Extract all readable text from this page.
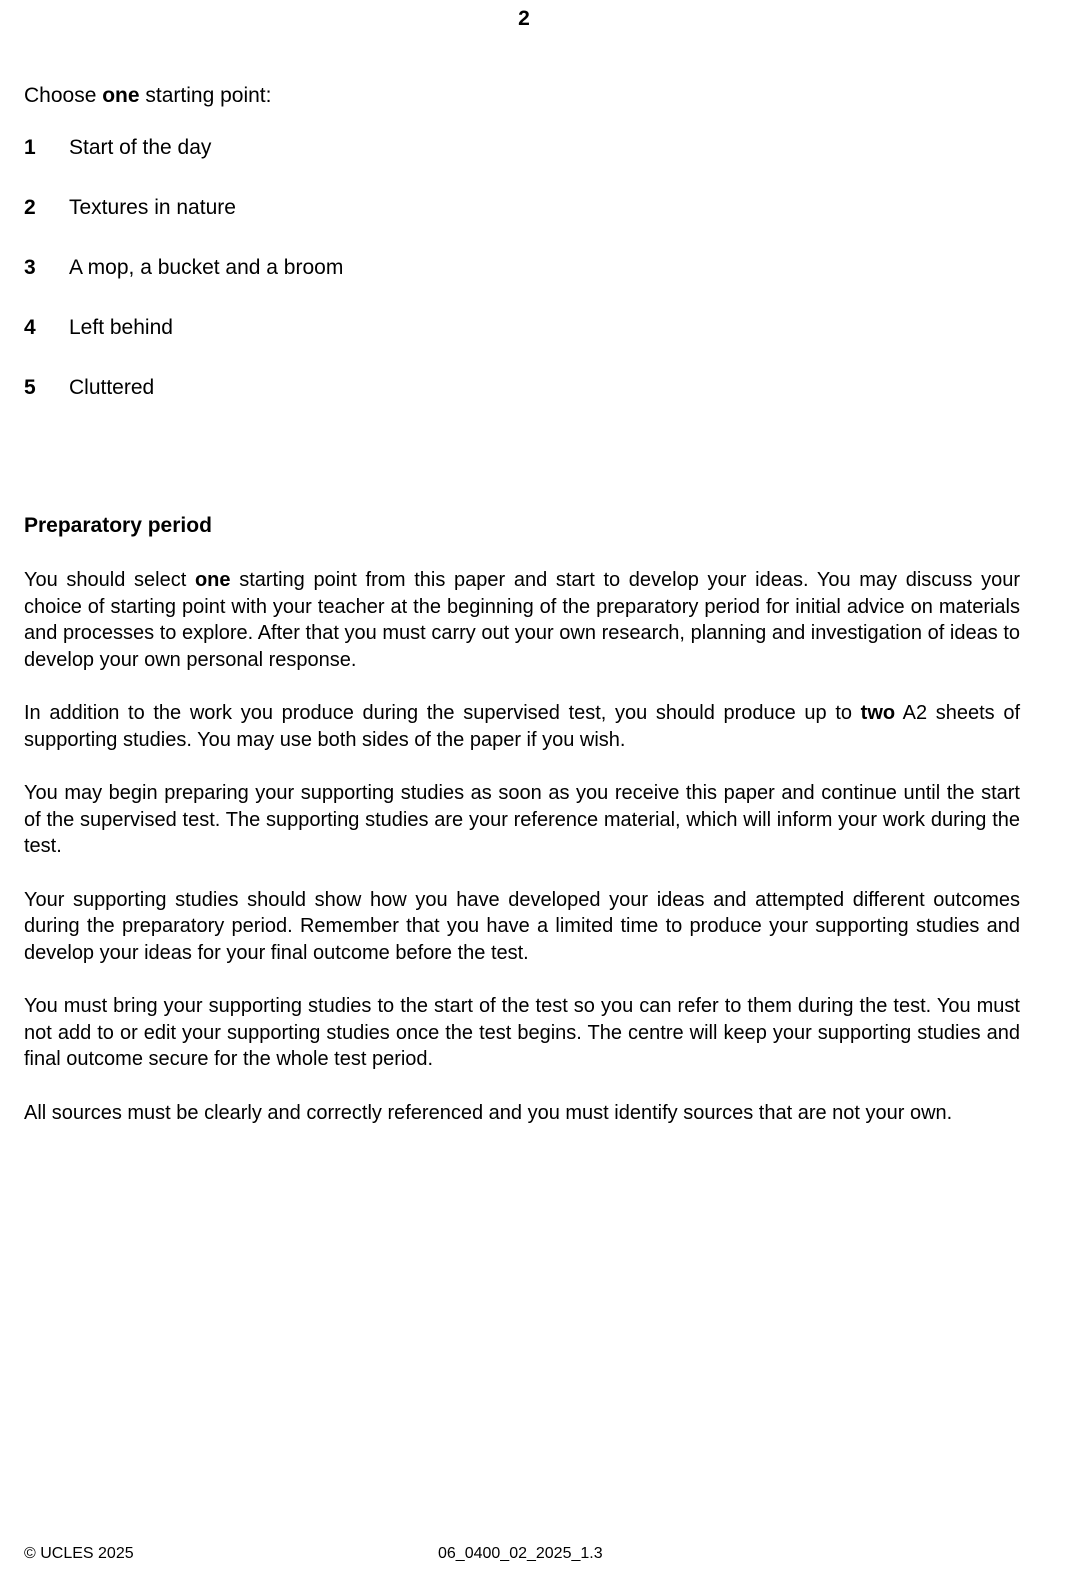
2
Choose one starting point:
1	Start of the day
2	Textures in nature
3	A mop, a bucket and a broom
4	Left behind
5	Cluttered
Preparatory period

You should select one starting point from this paper and start to develop your ideas. You may discuss your choice of starting point with your teacher at the beginning of the preparatory period for initial advice on materials and processes to explore. After that you must carry out your own research, planning and investigation of ideas to develop your own personal response.

In addition to the work you produce during the supervised test, you should produce up to two A2 sheets of supporting studies. You may use both sides of the paper if you wish.

You may begin preparing your supporting studies as soon as you receive this paper and continue until the start of the supervised test. The supporting studies are your reference material, which will inform your work during the test.

Your supporting studies should show how you have developed your ideas and attempted different outcomes during the preparatory period. Remember that you have a limited time to produce your supporting studies and develop your ideas for your final outcome before the test.

You must bring your supporting studies to the start of the test so you can refer to them during the test. You must not add to or edit your supporting studies once the test begins. The centre will keep your supporting studies and final outcome secure for the whole test period.

All sources must be clearly and correctly referenced and you must identify sources that are not your own.

© UCLES 2025	06_0400_02_2025_1.3
